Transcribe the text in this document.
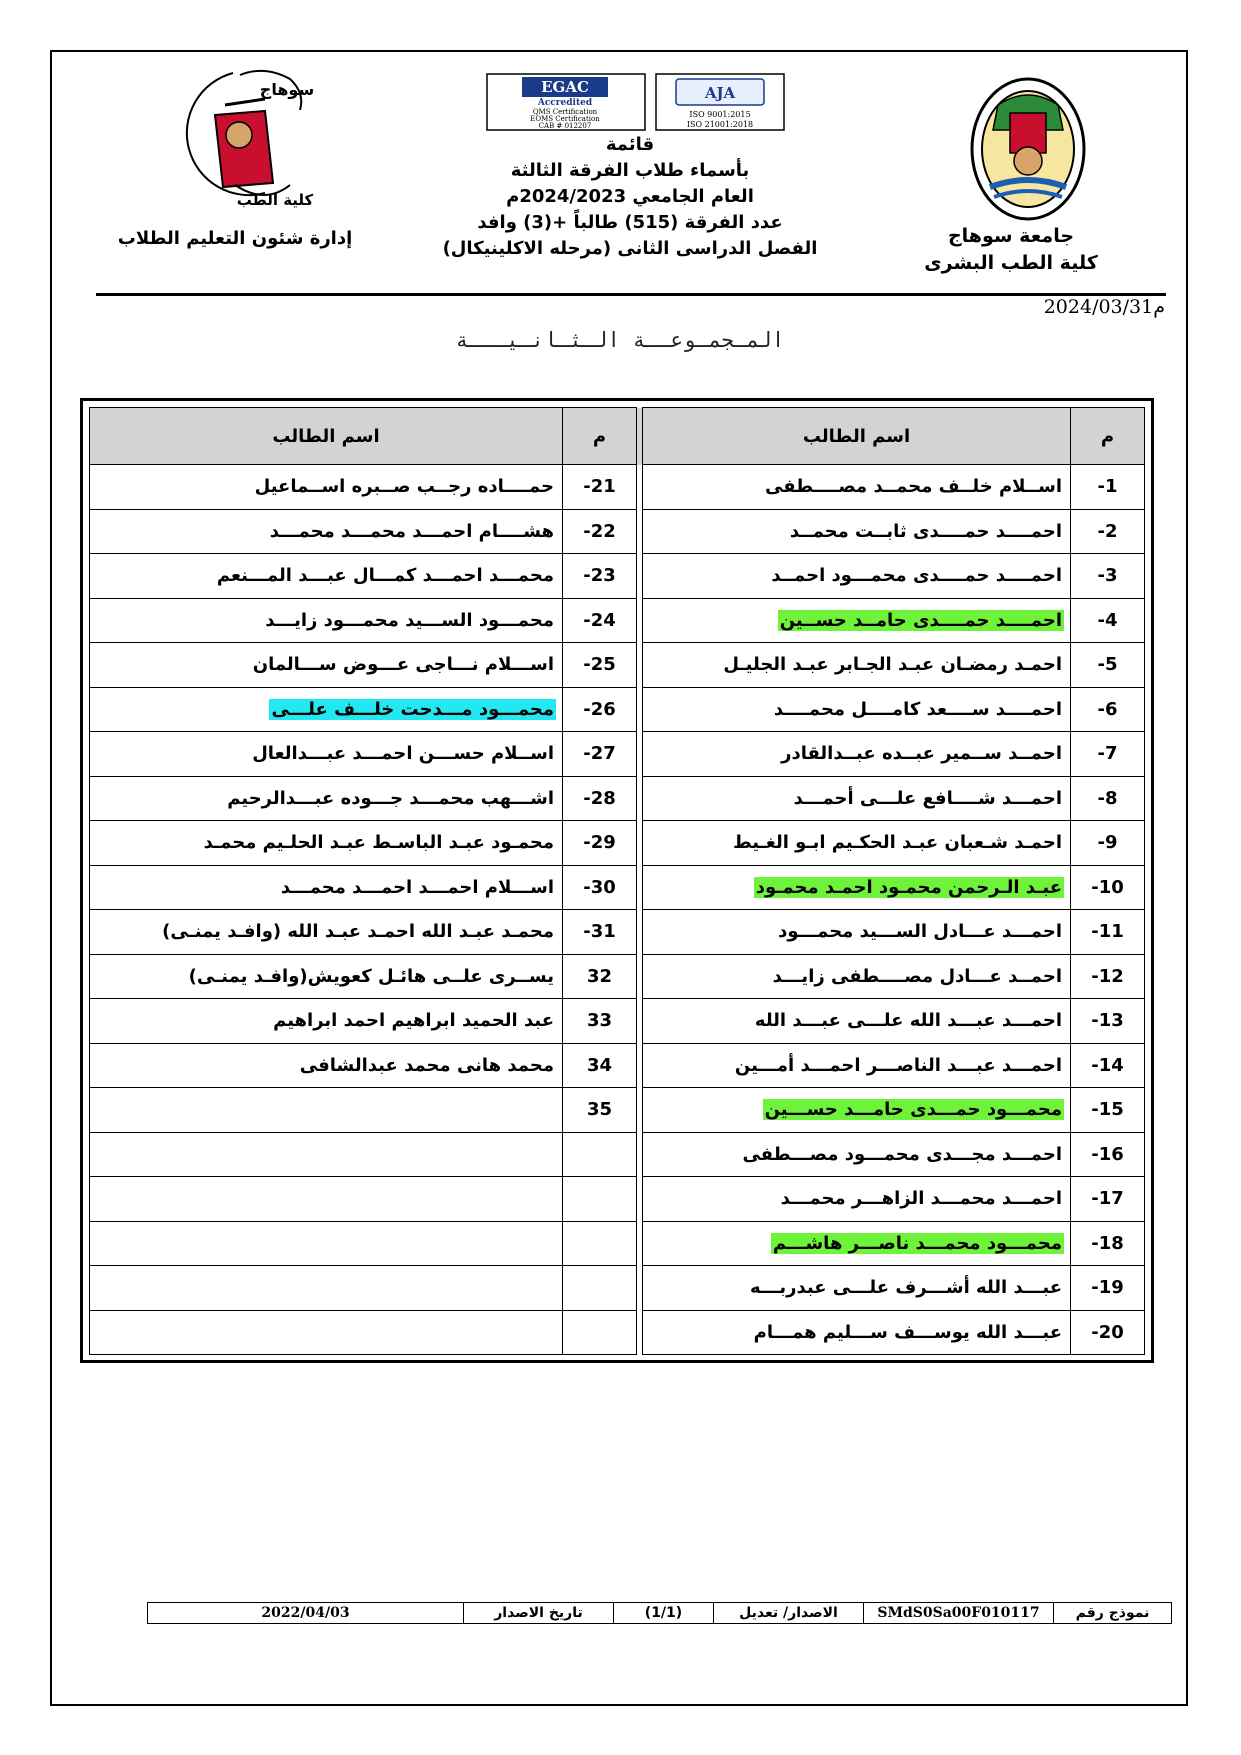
جامعة سوهاج
كلية الطب البشرى
سوهاج
كلية الطب
إدارة شئون التعليم الطلاب
EGAC
Accredited
QMS Certification
EOMS Certification
CAB # 012207
AJA
ISO 9001:2015
ISO 21001:2018
قائمة
بأسماء طلاب الفرقة الثالثة
العام الجامعي 2024/2023م
عدد الفرقة (515) طالباً +(3) وافد
الفصل الدراسى الثانى (مرحله الاكلينيكال)
2024/03/31م
المـجمـوعــة الـثـانـيـــة
م	اسم الطالب		م	اسم الطالب
-1	اســلام خلــف محمــد مصــــطفى		-21	حمــــاده رجــب صــبره اســماعيل
-2	احمــــد حمــــدى ثابــت محمــد		-22	هشــــام احمـــد محمـــد محمـــد
-3	احمــــد حمــــدى محمـــود احمــد		-23	محمـــد احمـــد كمـــال عبـــد المـــنعم
-4	احمــــد حمــــدى حامــد حســين		-24	محمـــود الســـيد محمـــود زايـــد
-5	احمـد رمضـان عبـد الجـابر عبـد الجليـل		-25	اســـلام نـــاجى عـــوض ســـالمان
-6	احمــــد ســــعد كامــــل محمــــد		-26	محمـــود مـــدحت خلـــف علـــى
-7	احمــد ســمير عبــده عبــدالقادر		-27	اســلام حســـن احمـــد عبـــدالعال
-8	احمـــد شــــافع علـــى أحمـــد		-28	اشـــهب محمـــد جـــوده عبـــدالرحيم
-9	احمـد شـعبان عبـد الحكـيم ابـو الغـيط		-29	محمـود عبـد الباسـط عبـد الحلـيم محمـد
-10	عبـد الـرحمن محمـود احمـد محمـود		-30	اســـلام احمـــد احمـــد محمـــد
-11	احمـــد عـــادل الســـيد محمـــود		-31	محمـد عبـد الله احمـد عبـد الله (وافـد يمنـى)
-12	احمــد عـــادل مصــــطفى زايـــد		32	يســرى علــى هائـل كعويش(وافـد يمنـى)
-13	احمـــد عبـــد الله علـــى عبـــد الله		33	عبد الحميد ابراهيم احمد ابراهيم
-14	احمـــد عبـــد الناصـــر احمـــد أمـــين		34	محمد هانى محمد عبدالشافى
-15	محمـــود حمـــدى حامـــد حســـين		35	
-16	احمـــد مجـــدى محمـــود مصـــطفى			
-17	احمـــد محمـــد الزاهـــر محمـــد			
-18	محمـــود محمـــد ناصـــر هاشـــم			
-19	عبـــد الله أشـــرف علـــى عبدربـــه			
-20	عبـــد الله يوســـف ســـليم همـــام			
نموذج رقم	SMdS0Sa00F010117	الاصدار/ تعديل	(1/1)	تاريخ الاصدار	2022/04/03
